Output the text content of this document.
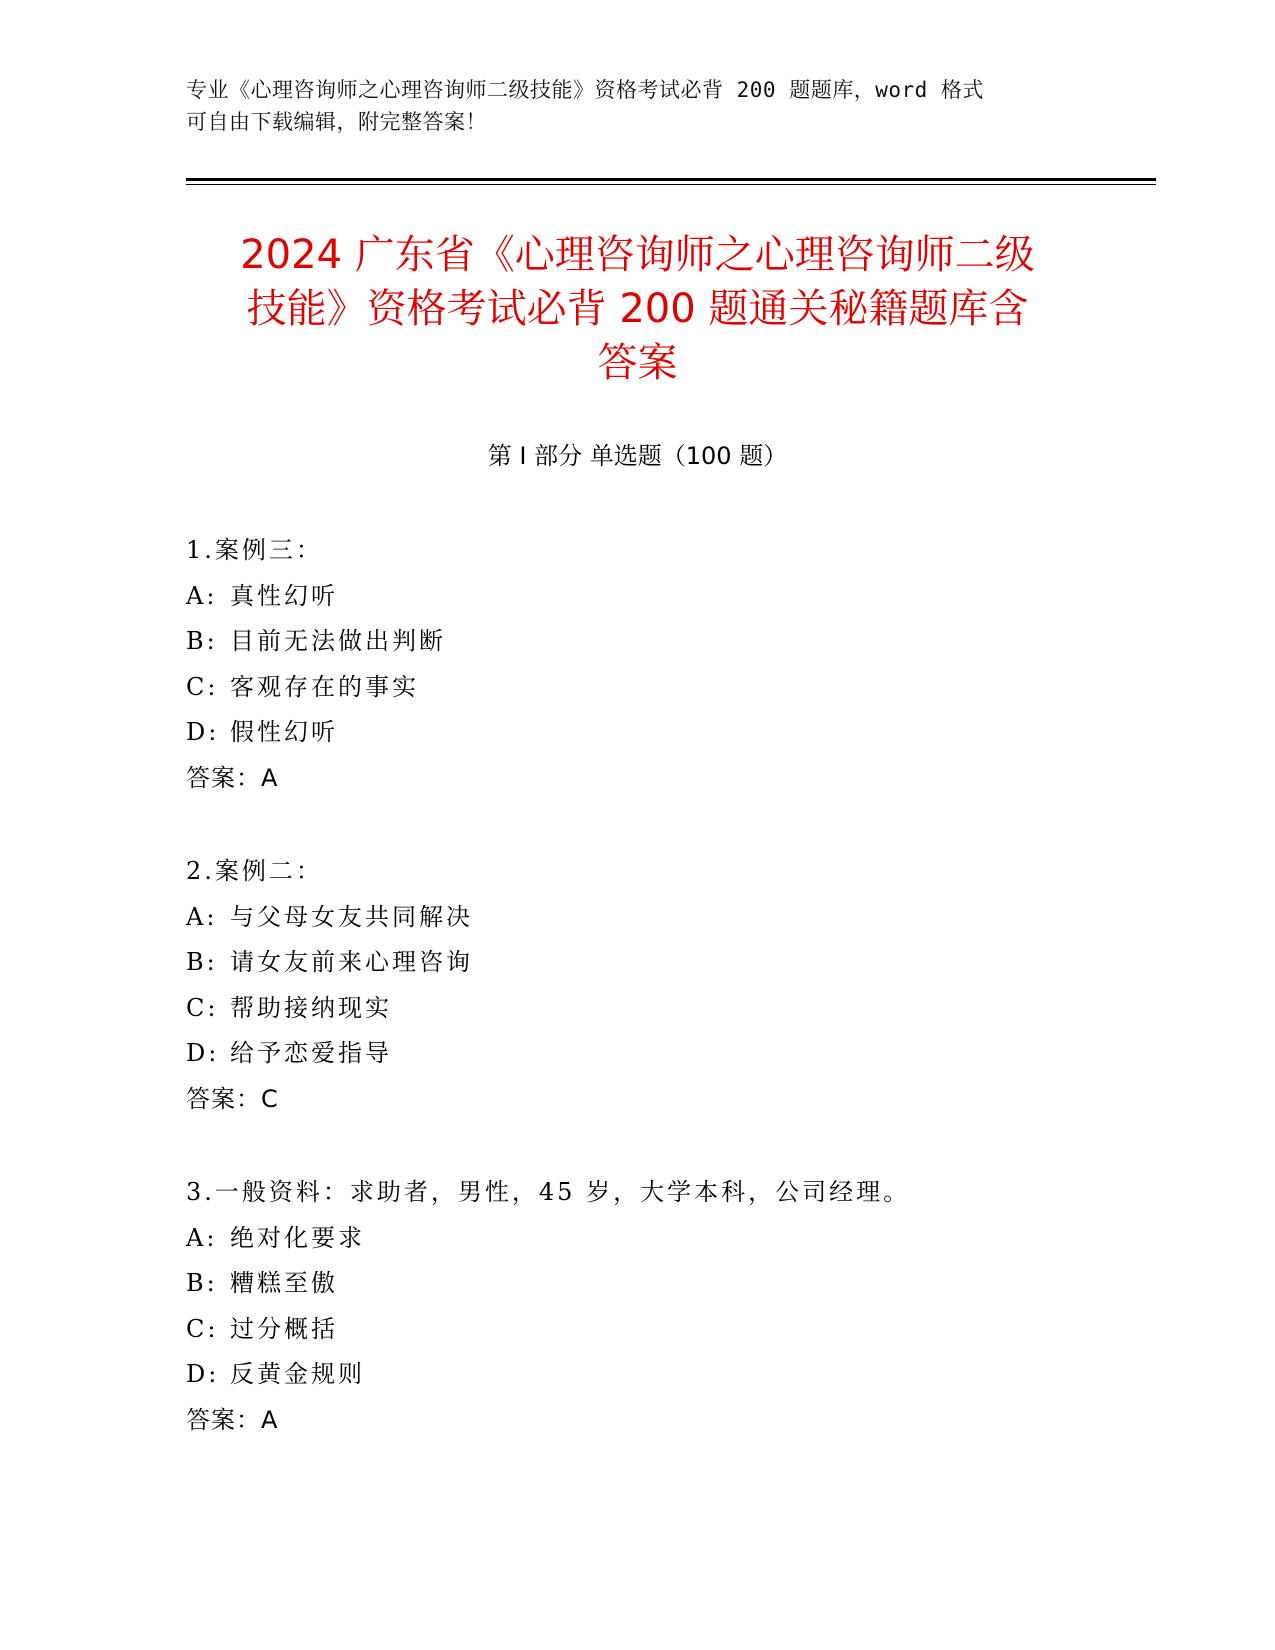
专业《心理咨询师之心理咨询师二级技能》资格考试必背 200 题题库，word 格式
可自由下载编辑，附完整答案！
2024 广东省《心理咨询师之心理咨询师二级
技能》资格考试必背 200 题通关秘籍题库含
答案
第 I 部分 单选题（100 题）
1.案例三：
A: 真性幻听
B: 目前无法做出判断
C: 客观存在的事实
D: 假性幻听
答案：A
2.案例二：
A: 与父母女友共同解决
B: 请女友前来心理咨询
C: 帮助接纳现实
D: 给予恋爱指导
答案：C
3.一般资料：求助者，男性，45 岁，大学本科，公司经理。
A: 绝对化要求
B: 糟糕至傲
C: 过分概括
D: 反黄金规则
答案：A
